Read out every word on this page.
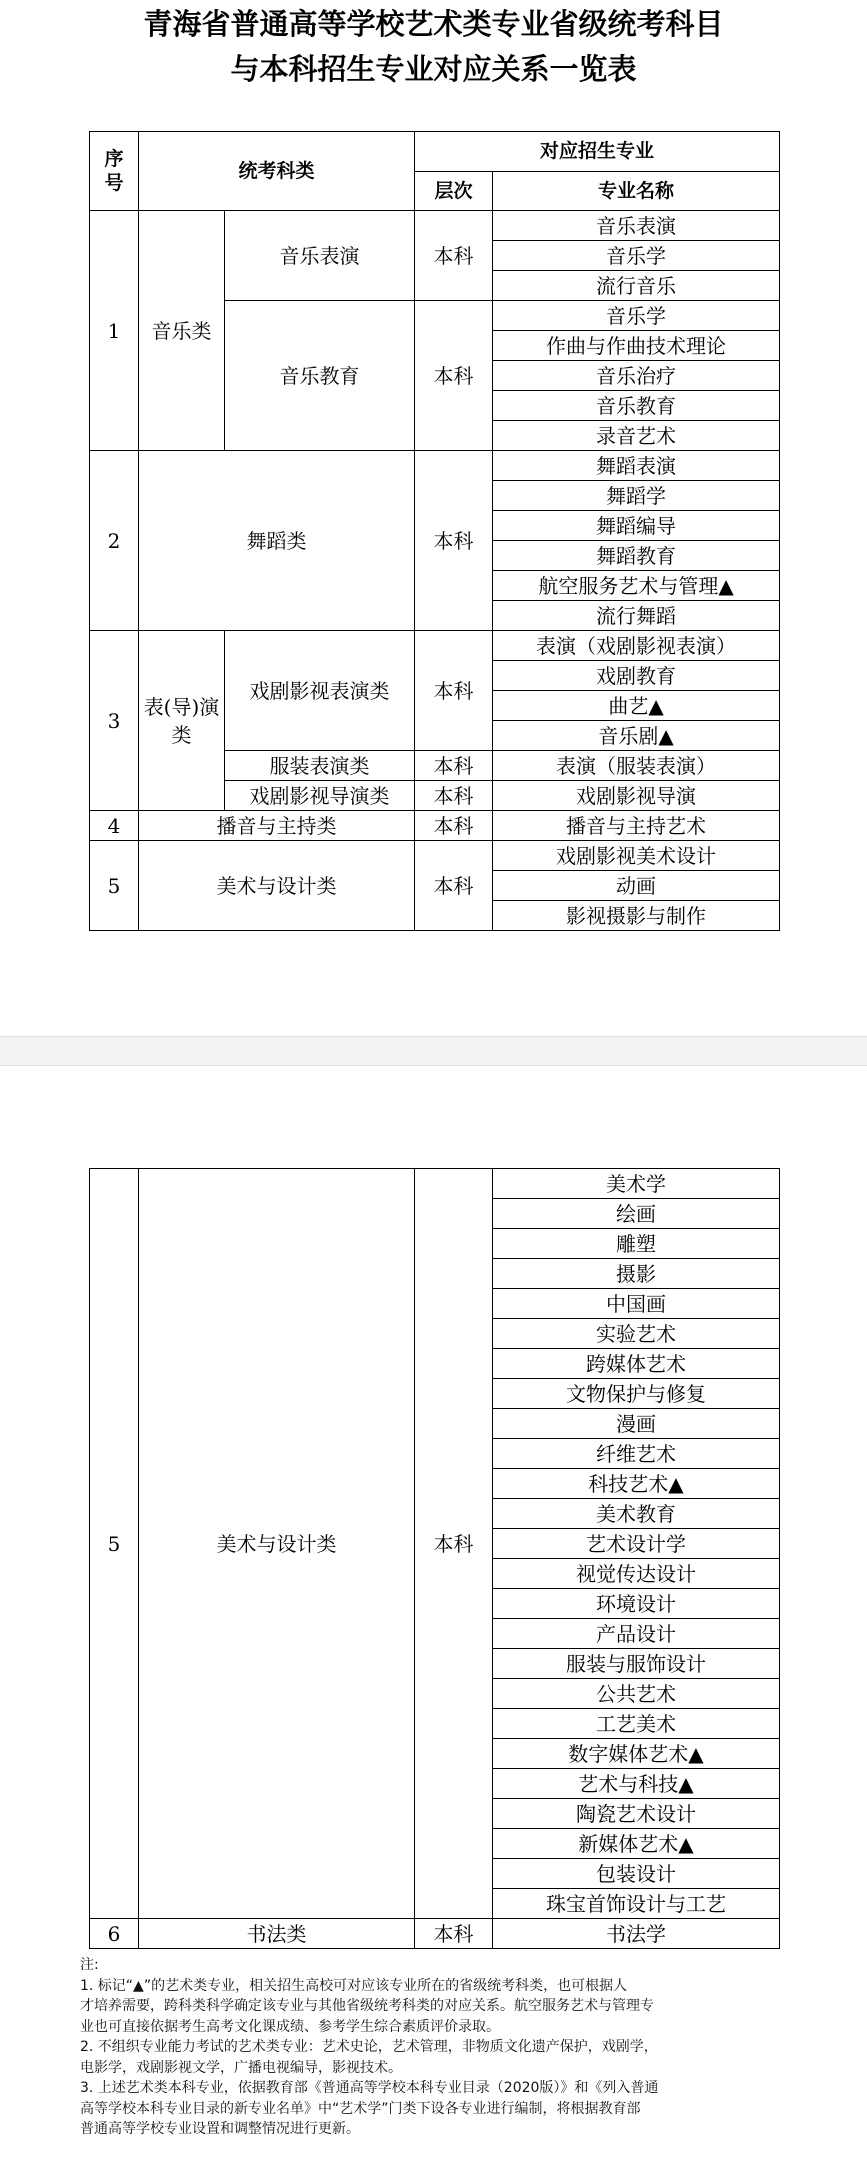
青海省普通高等学校艺术类专业省级统考科目
与本科招生专业对应关系一览表
序号	统考科类		对应招生专业	
			层次	专业名称
1	音乐类	音乐表演	本科	音乐表演
				音乐学
				流行音乐
		音乐教育	本科	音乐学
				作曲与作曲技术理论
				音乐治疗
				音乐教育
				录音艺术
2	舞蹈类		本科	舞蹈表演
				舞蹈学
				舞蹈编导
				舞蹈教育
				航空服务艺术与管理▲
				流行舞蹈
3	表(导)演类	戏剧影视表演类	本科	表演（戏剧影视表演）
				戏剧教育
				曲艺▲
				音乐剧▲
		服装表演类	本科	表演（服装表演）
		戏剧影视导演类	本科	戏剧影视导演
4	播音与主持类		本科	播音与主持艺术
5	美术与设计类		本科	戏剧影视美术设计
				动画
				影视摄影与制作
5	美术与设计类	本科	美术学
			绘画
			雕塑
			摄影
			中国画
			实验艺术
			跨媒体艺术
			文物保护与修复
			漫画
			纤维艺术
			科技艺术▲
			美术教育
			艺术设计学
			视觉传达设计
			环境设计
			产品设计
			服装与服饰设计
			公共艺术
			工艺美术
			数字媒体艺术▲
			艺术与科技▲
			陶瓷艺术设计
			新媒体艺术▲
			包装设计
			珠宝首饰设计与工艺
6	书法类	本科	书法学
注:
1. 标记“▲”的艺术类专业，相关招生高校可对应该专业所在的省级统考科类，也可根据人
才培养需要，跨科类科学确定该专业与其他省级统考科类的对应关系。航空服务艺术与管理专
业也可直接依据考生高考文化课成绩、参考学生综合素质评价录取。
2. 不组织专业能力考试的艺术类专业：艺术史论，艺术管理，非物质文化遗产保护，戏剧学，
电影学，戏剧影视文学，广播电视编导，影视技术。
3. 上述艺术类本科专业，依据教育部《普通高等学校本科专业目录（2020版）》和《列入普通
高等学校本科专业目录的新专业名单》中“艺术学”门类下设各专业进行编制，将根据教育部
普通高等学校专业设置和调整情况进行更新。
